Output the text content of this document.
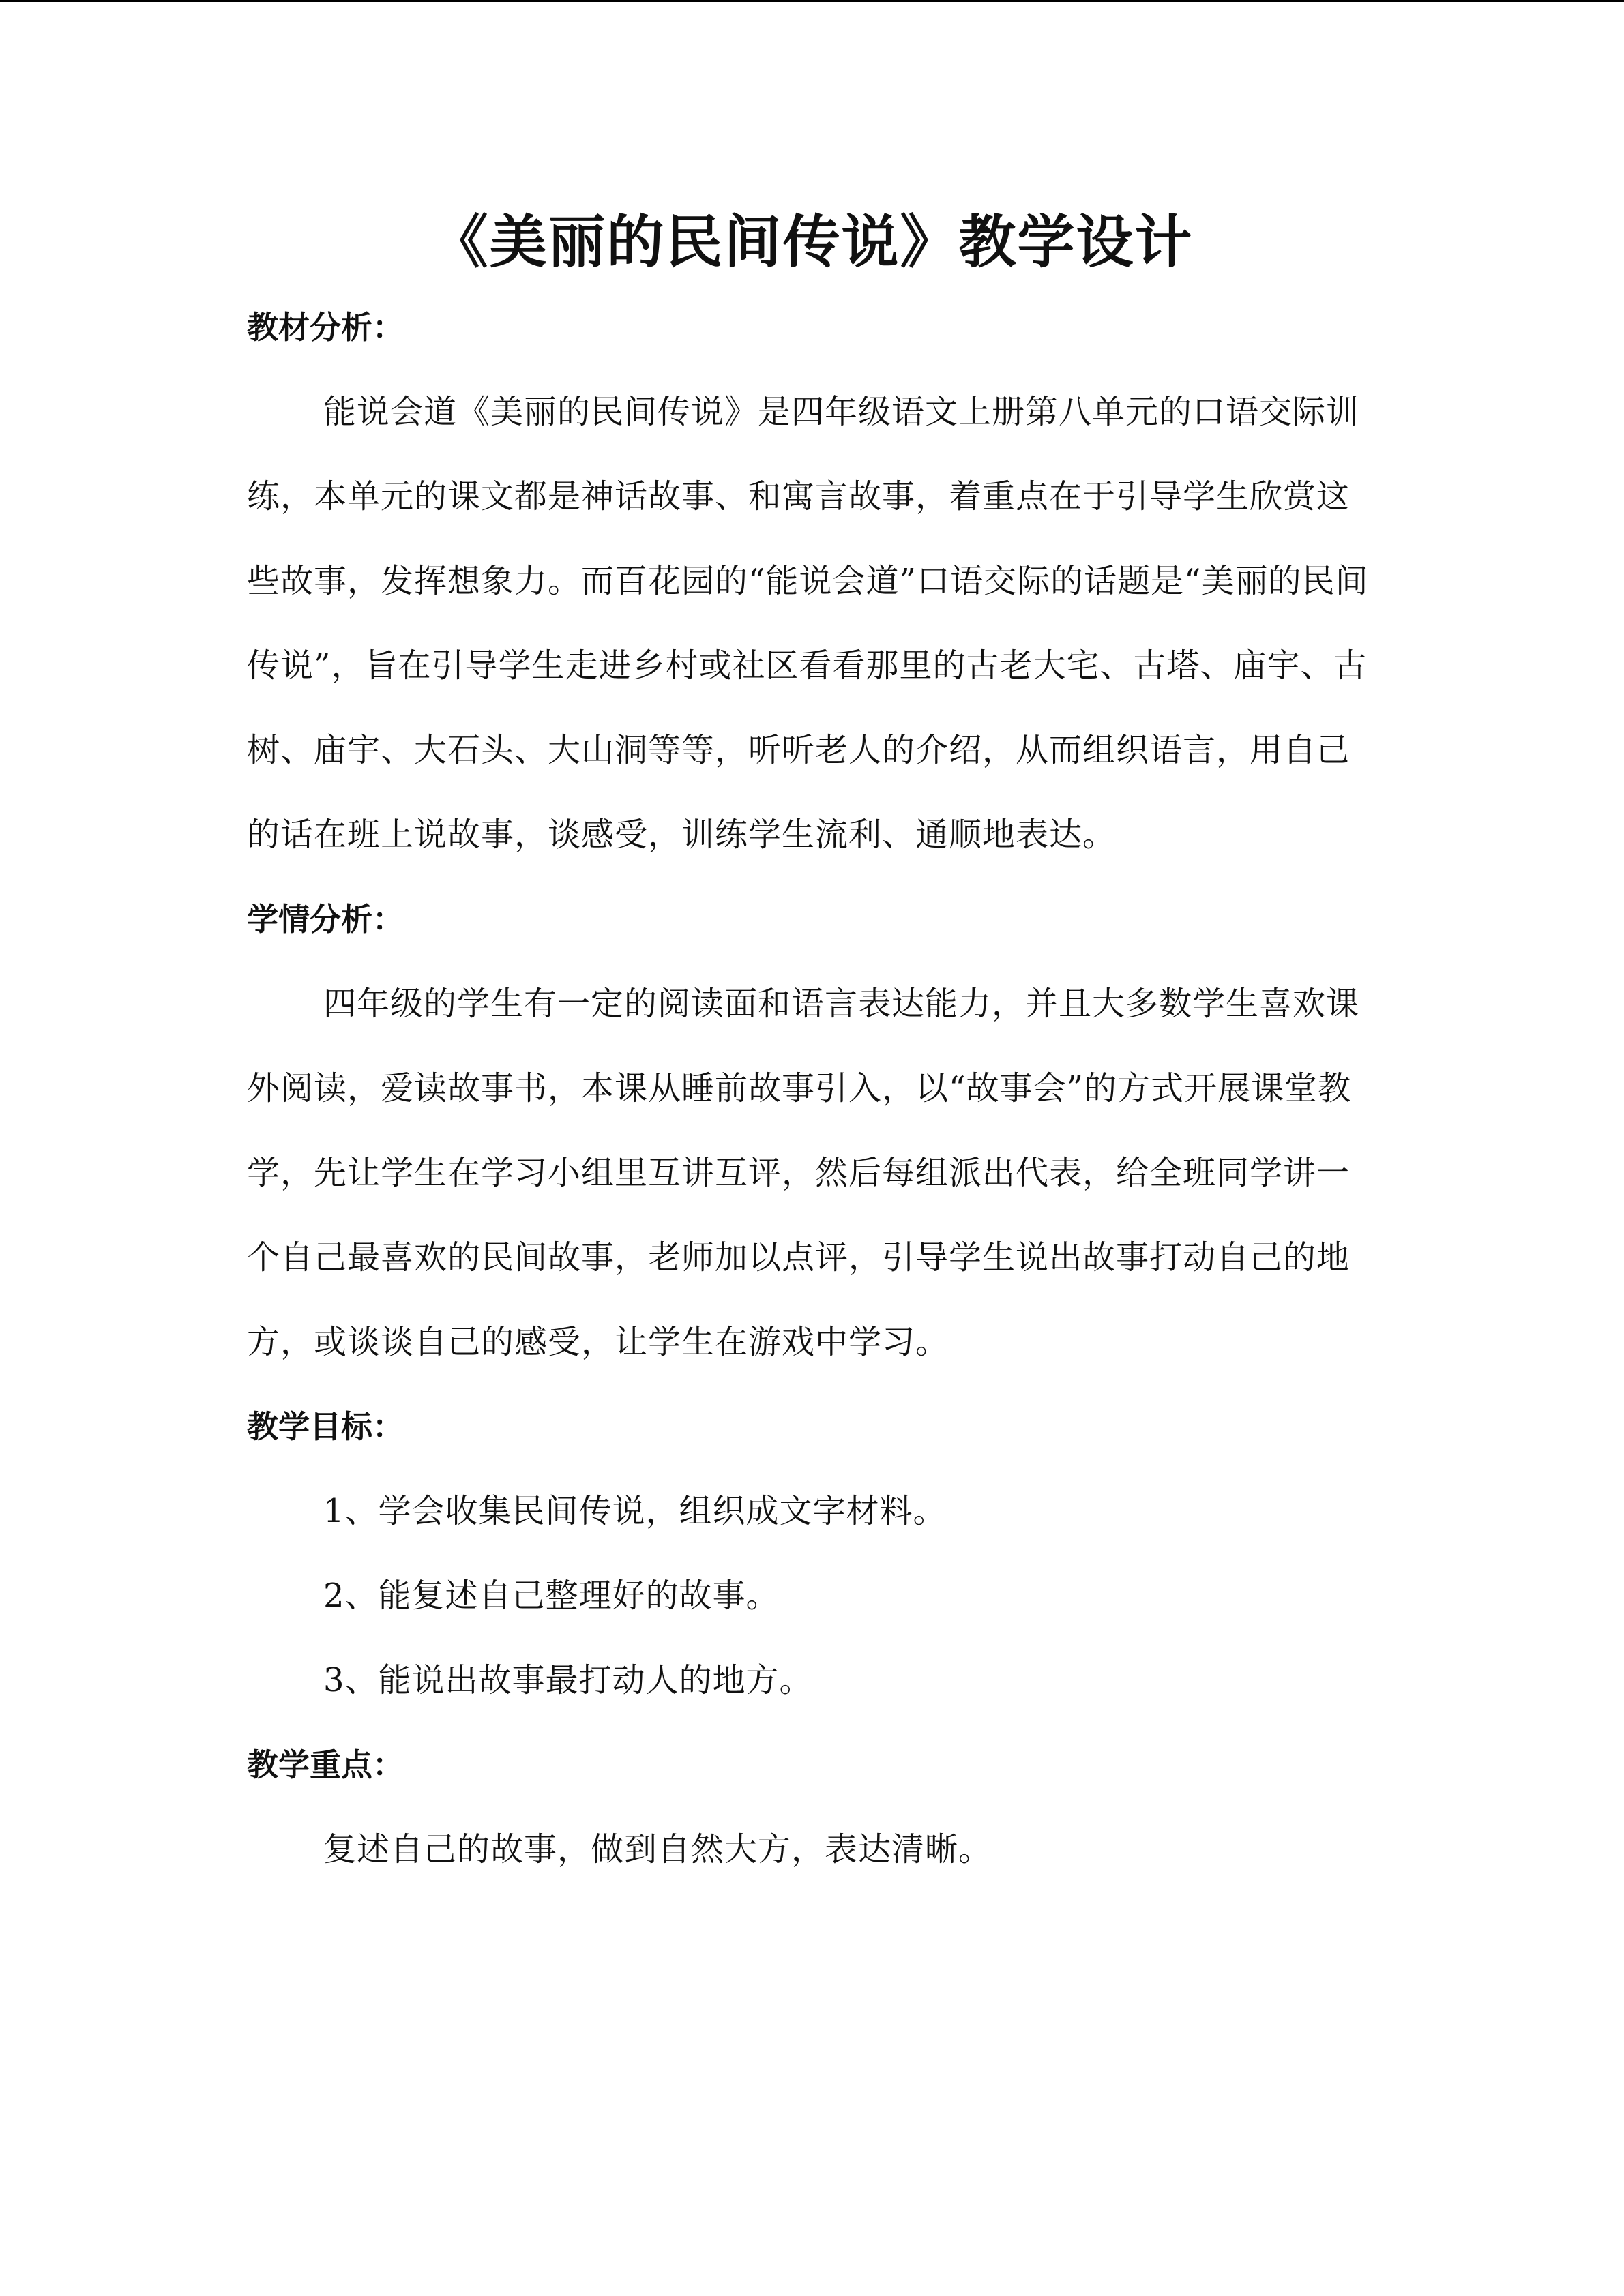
《美丽的民间传说》教学设计
教材分析：

能说会道《美丽的民间传说》是四年级语文上册第八单元的口语交际训练，本单元的课文都是神话故事、和寓言故事，着重点在于引导学生欣赏这些故事，发挥想象力。而百花园的“能说会道”口语交际的话题是“美丽的民间传说”，旨在引导学生走进乡村或社区看看那里的古老大宅、古塔、庙宇、古树、庙宇、大石头、大山洞等等，听听老人的介绍，从而组织语言，用自己的话在班上说故事，谈感受，训练学生流利、通顺地表达。

学情分析：

四年级的学生有一定的阅读面和语言表达能力，并且大多数学生喜欢课外阅读，爱读故事书，本课从睡前故事引入，以“故事会”的方式开展课堂教学，先让学生在学习小组里互讲互评，然后每组派出代表，给全班同学讲一个自己最喜欢的民间故事，老师加以点评，引导学生说出故事打动自己的地方，或谈谈自己的感受，让学生在游戏中学习。

教学目标：
1、学会收集民间传说，组织成文字材料。
2、能复述自己整理好的故事。
3、能说出故事最打动人的地方。
教学重点：

复述自己的故事，做到自然大方，表达清晰。
